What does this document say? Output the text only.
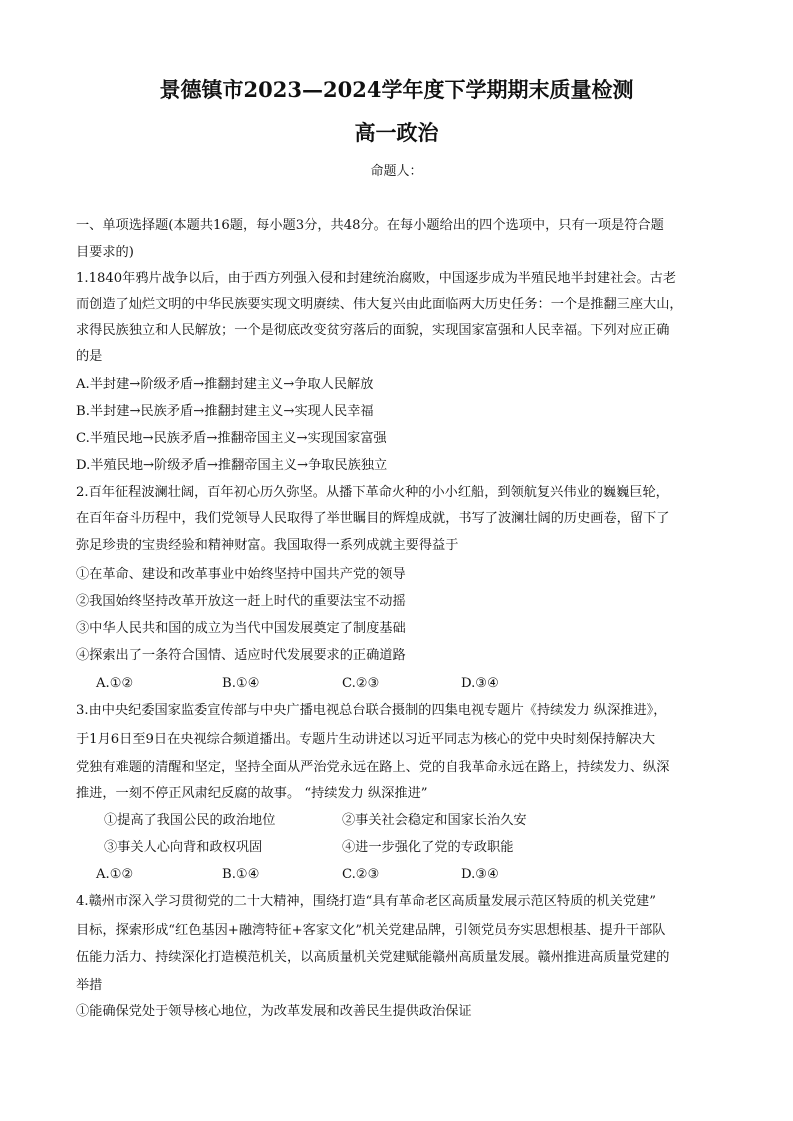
景德镇市2023—2024学年度下学期期末质量检测
高一政治
命题人：
一、单项选择题(本题共16题，每小题3分，共48分。在每小题给出的四个选项中，只有一项是符合题
目要求的)
1.1840年鸦片战争以后，由于西方列强入侵和封建统治腐败，中国逐步成为半殖民地半封建社会。古老
而创造了灿烂文明的中华民族要实现文明赓续、伟大复兴由此面临两大历史任务：一个是推翻三座大山，
求得民族独立和人民解放；一个是彻底改变贫穷落后的面貌，实现国家富强和人民幸福。下列对应正确
的是
A.半封建→阶级矛盾→推翻封建主义→争取人民解放
B.半封建→民族矛盾→推翻封建主义→实现人民幸福
C.半殖民地→民族矛盾→推翻帝国主义→实现国家富强
D.半殖民地→阶级矛盾→推翻帝国主义→争取民族独立
2.百年征程波澜壮阔，百年初心历久弥坚。从播下革命火种的小小红船，到领航复兴伟业的巍巍巨轮，
在百年奋斗历程中，我们党领导人民取得了举世瞩目的辉煌成就，书写了波澜壮阔的历史画卷，留下了
弥足珍贵的宝贵经验和精神财富。我国取得一系列成就主要得益于
①在革命、建设和改革事业中始终坚持中国共产党的领导
②我国始终坚持改革开放这一赶上时代的重要法宝不动摇
③中华人民共和国的成立为当代中国发展奠定了制度基础
④探索出了一条符合国情、适应时代发展要求的正确道路
A.①②	B.①④	C.②③	D.③④
3.由中央纪委国家监委宣传部与中央广播电视总台联合摄制的四集电视专题片《持续发力 纵深推进》，
于1月6日至9日在央视综合频道播出。专题片生动讲述以习近平同志为核心的党中央时刻保持解决大
党独有难题的清醒和坚定，坚持全面从严治党永远在路上、党的自我革命永远在路上，持续发力、纵深
推进，一刻不停正风肃纪反腐的故事。 “持续发力 纵深推进”
①提高了我国公民的政治地位	②事关社会稳定和国家长治久安
③事关人心向背和政权巩固	④进一步强化了党的专政职能
A.①②	B.①④	C.②③	D.③④
4.赣州市深入学习贯彻党的二十大精神，围绕打造“具有革命老区高质量发展示范区特质的机关党建”
目标，探索形成“红色基因+融湾特征+客家文化”机关党建品牌，引领党员夯实思想根基、提升干部队
伍能力活力、持续深化打造模范机关，以高质量机关党建赋能赣州高质量发展。赣州推进高质量党建的
举措
①能确保党处于领导核心地位，为改革发展和改善民生提供政治保证
